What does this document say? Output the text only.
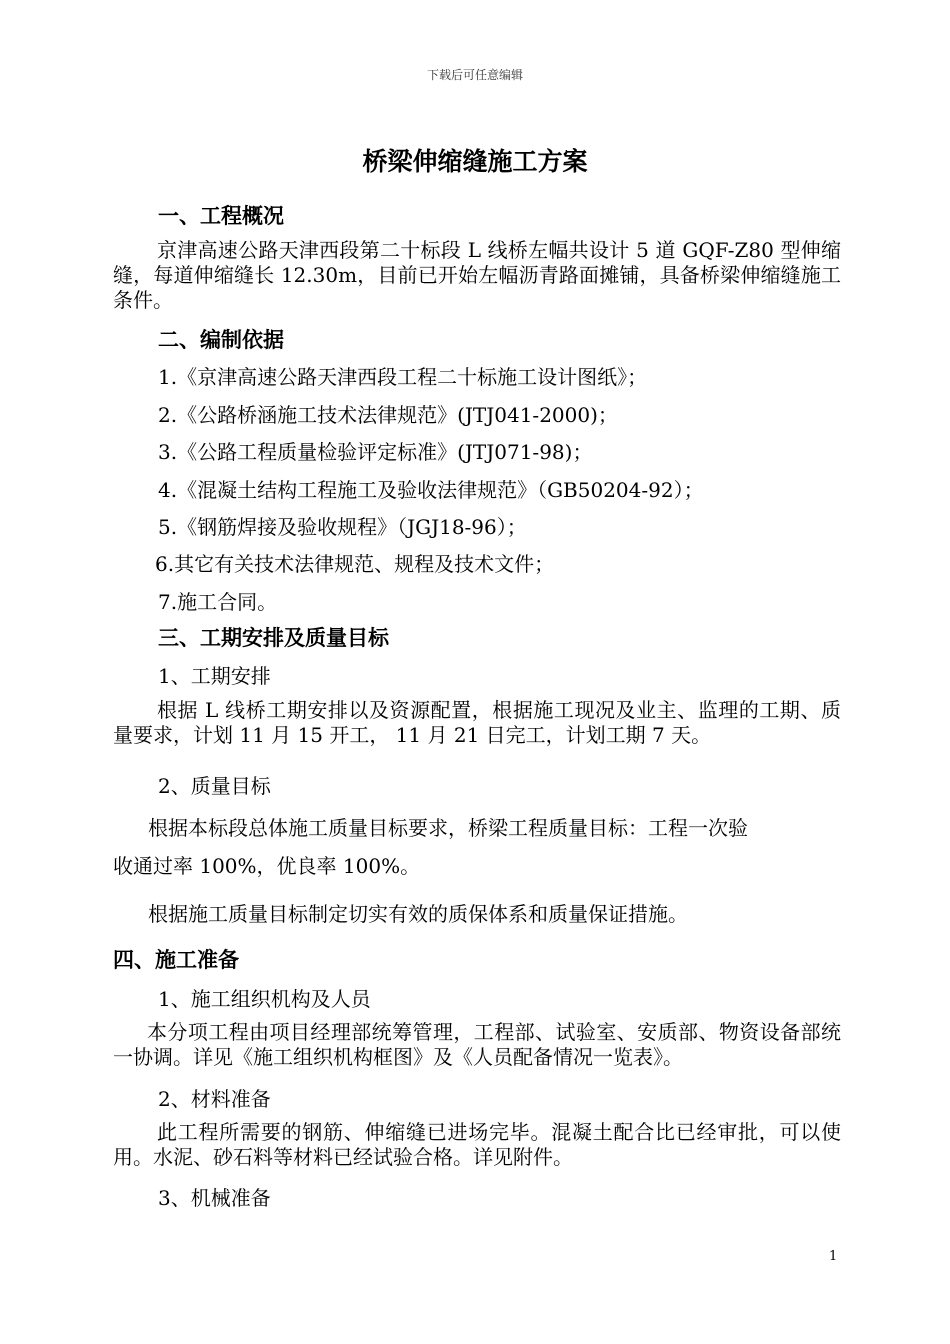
下载后可任意编辑
桥梁伸缩缝施工方案
一、工程概况
京津高速公路天津西段第二十标段 L 线桥左幅共设计 5 道 GQF-Z80 型伸缩缝，每道伸缩缝长 12.30m，目前已开始左幅沥青路面摊铺，具备桥梁伸缩缝施工条件。
二、编制依据
1.《京津高速公路天津西段工程二十标施工设计图纸》；
2.《公路桥涵施工技术法律规范》(JTJ041-2000)；
3.《公路工程质量检验评定标准》(JTJ071-98)；
4.《混凝土结构工程施工及验收法律规范》（GB50204-92）；
5.《钢筋焊接及验收规程》（JGJ18-96）；
6.其它有关技术法律规范、规程及技术文件；
7.施工合同。
三、工期安排及质量目标
1、工期安排
根据 L 线桥工期安排以及资源配置，根据施工现况及业主、监理的工期、质量要求，计划 11 月 15 开工， 11 月 21 日完工，计划工期 7 天。
2、质量目标
根据本标段总体施工质量目标要求，桥梁工程质量目标：工程一次验
收通过率 100%，优良率 100%。
根据施工质量目标制定切实有效的质保体系和质量保证措施。
四、施工准备
1、施工组织机构及人员
本分项工程由项目经理部统筹管理，工程部、试验室、安质部、物资设备部统一协调。详见《施工组织机构框图》及《人员配备情况一览表》。
2、材料准备
此工程所需要的钢筋、伸缩缝已进场完毕。混凝土配合比已经审批，可以使用。水泥、砂石料等材料已经试验合格。详见附件。
3、机械准备
1
